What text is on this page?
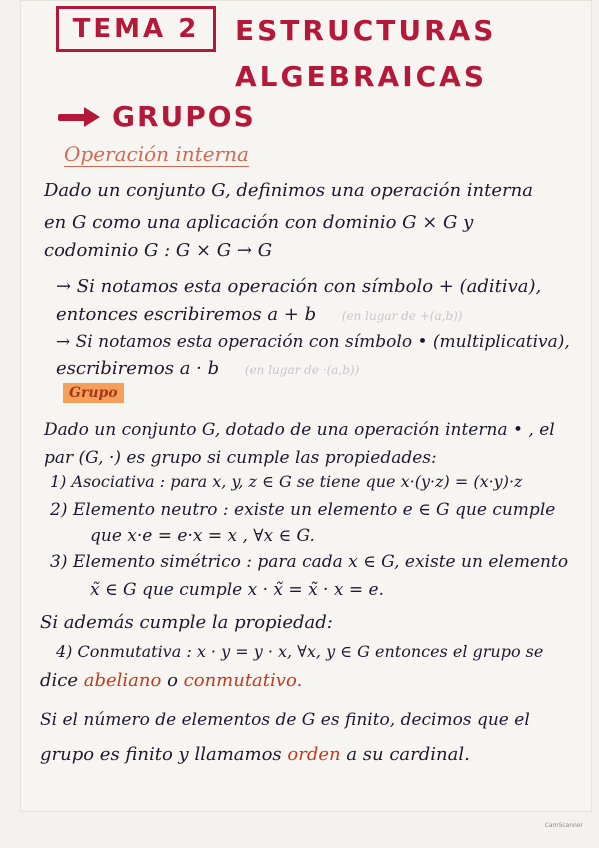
TEMA 2 ESTRUCTURAS
ALGEBRAICAS
GRUPOS
Operación interna
Dado un conjunto G, definimos una operación interna
en G como una aplicación con dominio G × G y
codominio G : G × G → G
→ Si notamos esta operación con símbolo + (aditiva),
entonces escribiremos a + b (en lugar de +(a,b))
→ Si notamos esta operación con símbolo • (multiplicativa),
escribiremos a · b (en lugar de ·(a,b))
Grupo
Dado un conjunto G, dotado de una operación interna • , el
par (G, ·) es grupo si cumple las propiedades:
1) Asociativa : para x, y, z ∈ G se tiene que x·(y·z) = (x·y)·z
2) Elemento neutro : existe un elemento e ∈ G que cumple
que x·e = e·x = x , ∀x ∈ G.
3) Elemento simétrico : para cada x ∈ G, existe un elemento
x̃ ∈ G que cumple x · x̃ = x̃ · x = e.
Si además cumple la propiedad:
4) Conmutativa : x · y = y · x, ∀x, y ∈ G entonces el grupo se
dice abeliano o conmutativo.
Si el número de elementos de G es finito, decimos que el
grupo es finito y llamamos orden a su cardinal.
CamScanner
